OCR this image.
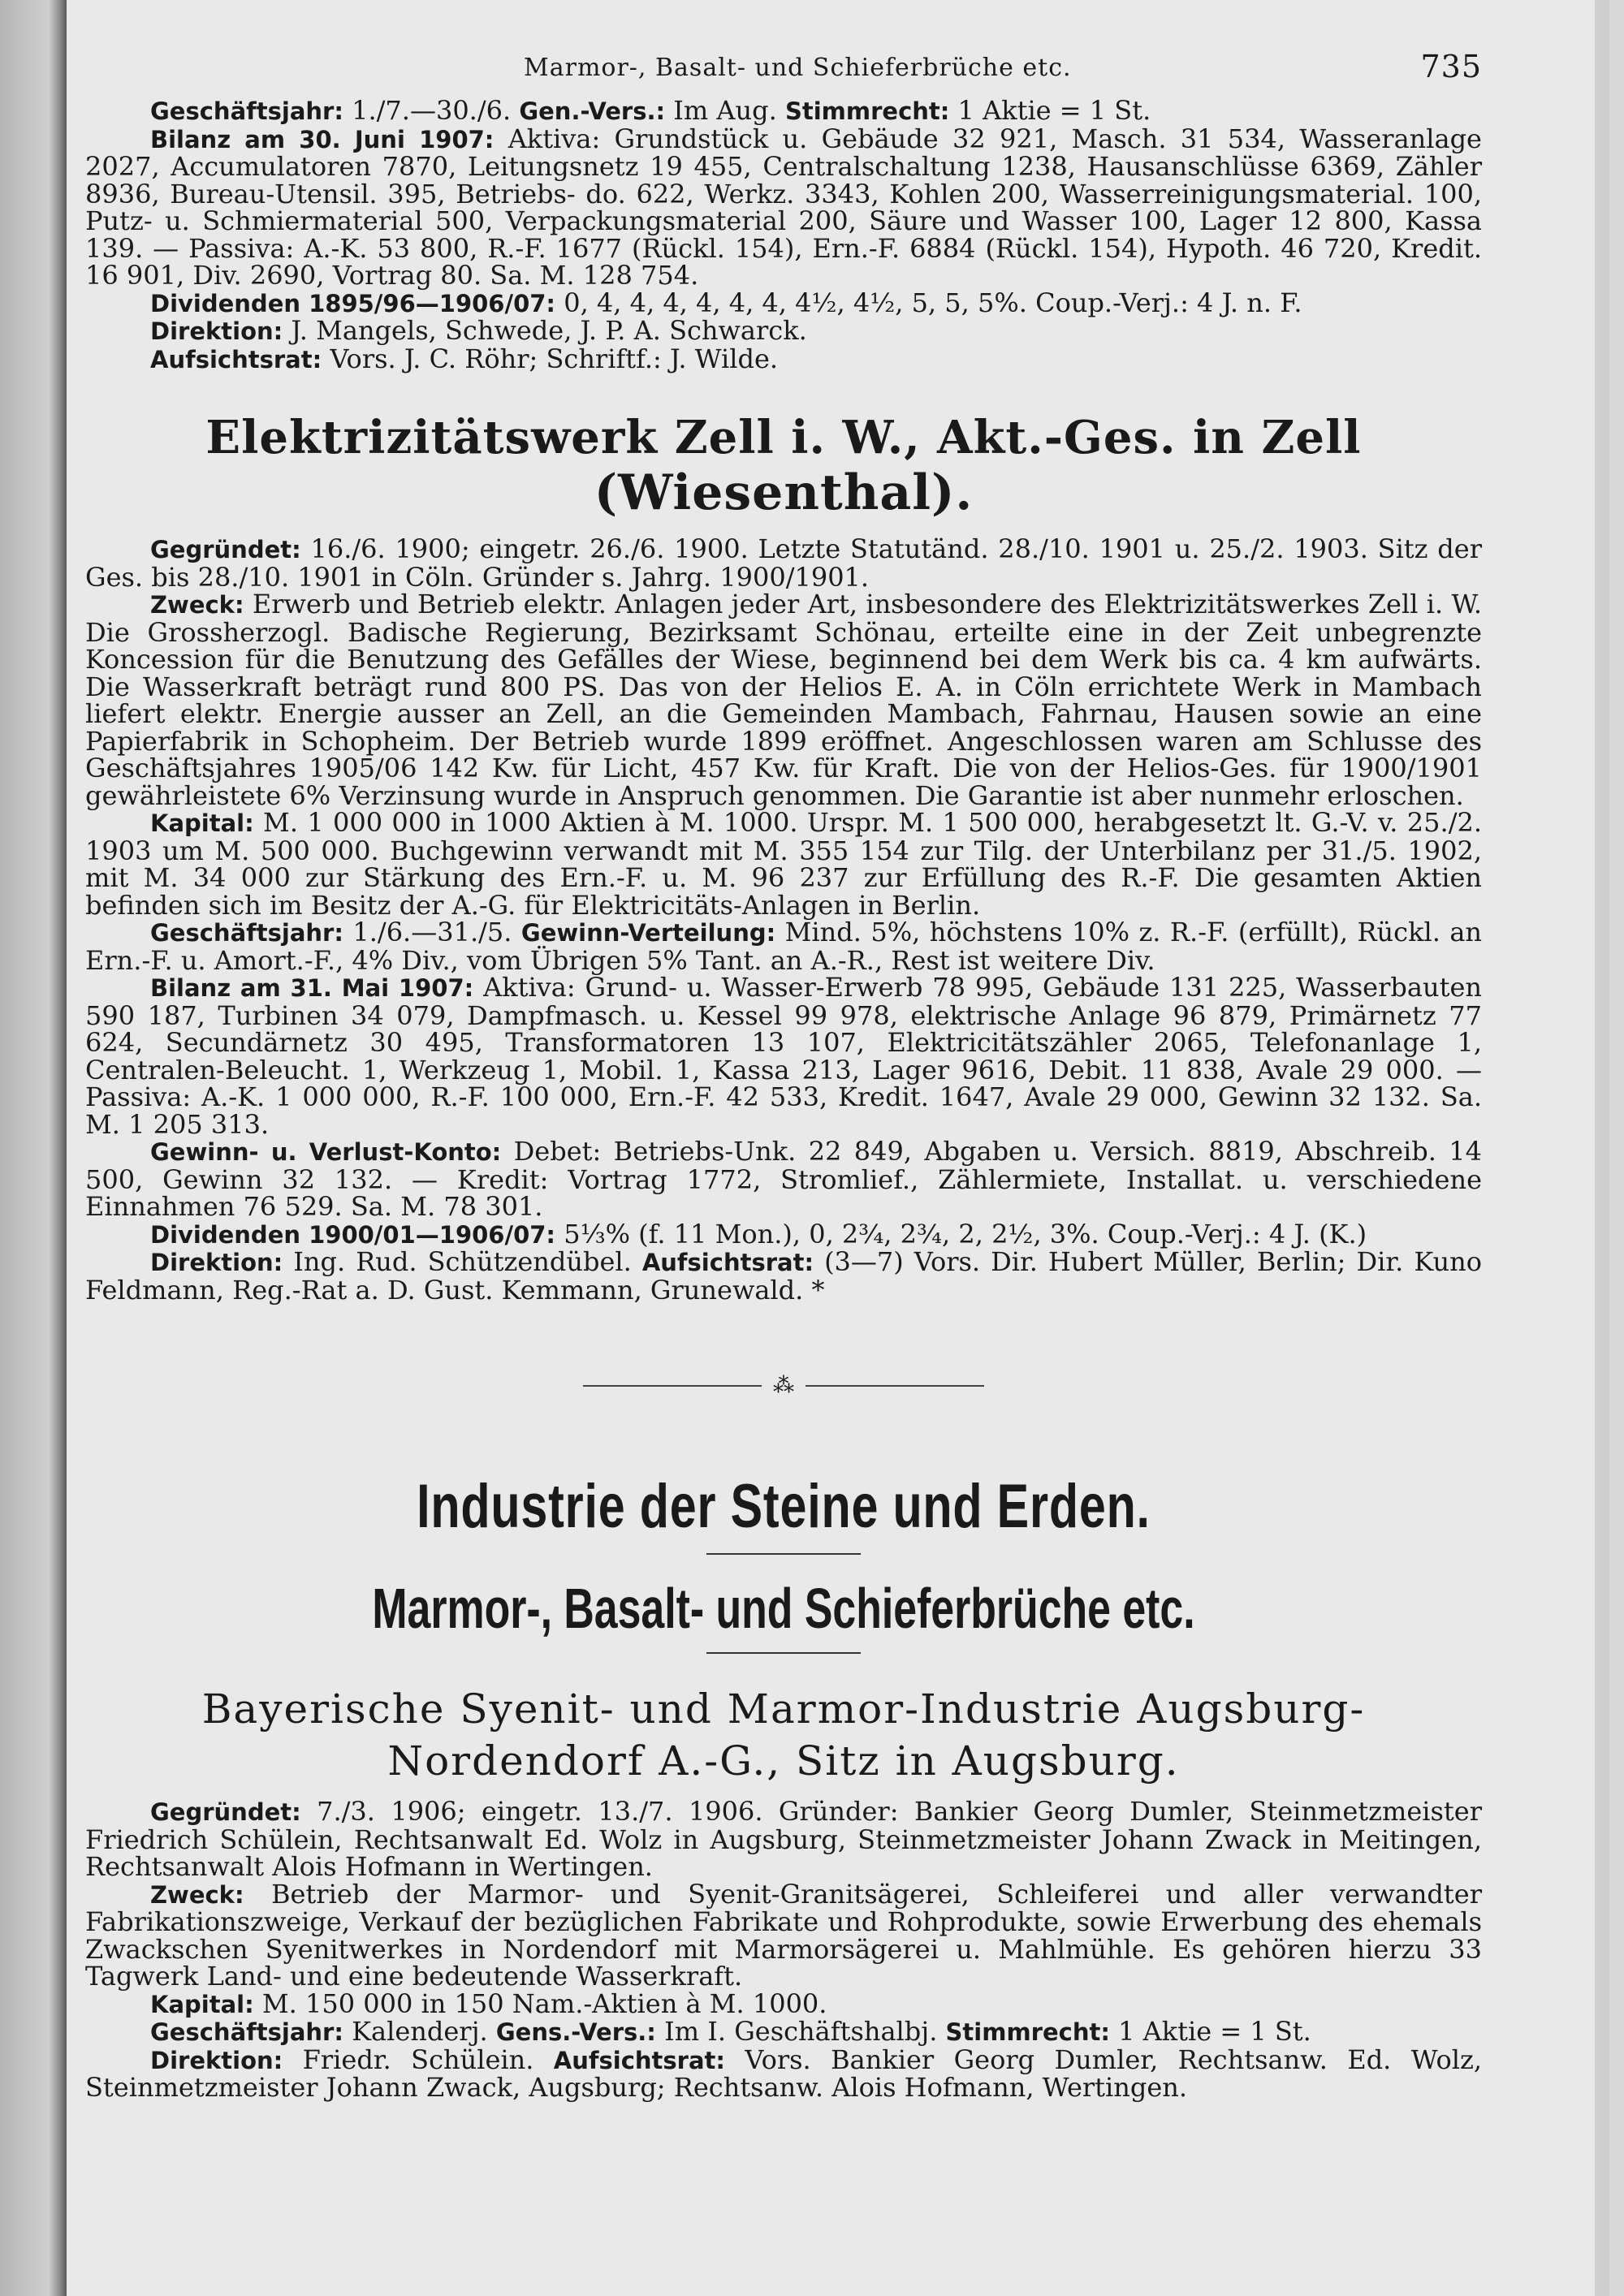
Marmor-, Basalt- und Schieferbrüche etc.	735

Geschäftsjahr: 1./7.—30./6. Gen.-Vers.: Im Aug. Stimmrecht: 1 Aktie = 1 St.

Bilanz am 30. Juni 1907: Aktiva: Grundstück u. Gebäude 32 921, Masch. 31 534, Wasseranlage 2027, Accumulatoren 7870, Leitungsnetz 19 455, Centralschaltung 1238, Hausanschlüsse 6369, Zähler 8936, Bureau-Utensil. 395, Betriebs- do. 622, Werkz. 3343, Kohlen 200, Wasserreinigungsmaterial. 100, Putz- u. Schmiermaterial 500, Verpackungsmaterial 200, Säure und Wasser 100, Lager 12 800, Kassa 139. — Passiva: A.-K. 53 800, R.-F. 1677 (Rückl. 154), Ern.-F. 6884 (Rückl. 154), Hypoth. 46 720, Kredit. 16 901, Div. 2690, Vortrag 80. Sa. M. 128 754.

Dividenden 1895/96—1906/07: 0, 4, 4, 4, 4, 4, 4, 4½, 4½, 5, 5, 5%. Coup.-Verj.: 4 J. n. F.

Direktion: J. Mangels, Schwede, J. P. A. Schwarck.

Aufsichtsrat: Vors. J. C. Röhr; Schriftf.: J. Wilde.

Elektrizitätswerk Zell i. W., Akt.-Ges. in Zell (Wiesenthal).

Gegründet: 16./6. 1900; eingetr. 26./6. 1900. Letzte Statutänd. 28./10. 1901 u. 25./2. 1903. Sitz der Ges. bis 28./10. 1901 in Cöln. Gründer s. Jahrg. 1900/1901.

Zweck: Erwerb und Betrieb elektr. Anlagen jeder Art, insbesondere des Elektrizitätswerkes Zell i. W. Die Grossherzogl. Badische Regierung, Bezirksamt Schönau, erteilte eine in der Zeit unbegrenzte Koncession für die Benutzung des Gefälles der Wiese, beginnend bei dem Werk bis ca. 4 km aufwärts. Die Wasserkraft beträgt rund 800 PS. Das von der Helios E. A. in Cöln errichtete Werk in Mambach liefert elektr. Energie ausser an Zell, an die Gemeinden Mambach, Fahrnau, Hausen sowie an eine Papierfabrik in Schopheim. Der Betrieb wurde 1899 eröffnet. Angeschlossen waren am Schlusse des Geschäftsjahres 1905/06 142 Kw. für Licht, 457 Kw. für Kraft. Die von der Helios-Ges. für 1900/1901 gewährleistete 6% Verzinsung wurde in Anspruch genommen. Die Garantie ist aber nunmehr erloschen.

Kapital: M. 1 000 000 in 1000 Aktien à M. 1000. Urspr. M. 1 500 000, herabgesetzt lt. G.-V. v. 25./2. 1903 um M. 500 000. Buchgewinn verwandt mit M. 355 154 zur Tilg. der Unterbilanz per 31./5. 1902, mit M. 34 000 zur Stärkung des Ern.-F. u. M. 96 237 zur Erfüllung des R.-F. Die gesamten Aktien befinden sich im Besitz der A.-G. für Elektricitäts-Anlagen in Berlin.

Geschäftsjahr: 1./6.—31./5. Gewinn-Verteilung: Mind. 5%, höchstens 10% z. R.-F. (erfüllt), Rückl. an Ern.-F. u. Amort.-F., 4% Div., vom Übrigen 5% Tant. an A.-R., Rest ist weitere Div.

Bilanz am 31. Mai 1907: Aktiva: Grund- u. Wasser-Erwerb 78 995, Gebäude 131 225, Wasserbauten 590 187, Turbinen 34 079, Dampfmasch. u. Kessel 99 978, elektrische Anlage 96 879, Primärnetz 77 624, Secundärnetz 30 495, Transformatoren 13 107, Elektricitätszähler 2065, Telefonanlage 1, Centralen-Beleucht. 1, Werkzeug 1, Mobil. 1, Kassa 213, Lager 9616, Debit. 11 838, Avale 29 000. — Passiva: A.-K. 1 000 000, R.-F. 100 000, Ern.-F. 42 533, Kredit. 1647, Avale 29 000, Gewinn 32 132. Sa. M. 1 205 313.

Gewinn- u. Verlust-Konto: Debet: Betriebs-Unk. 22 849, Abgaben u. Versich. 8819, Abschreib. 14 500, Gewinn 32 132. — Kredit: Vortrag 1772, Stromlief., Zählermiete, Installat. u. verschiedene Einnahmen 76 529. Sa. M. 78 301.

Dividenden 1900/01—1906/07: 5⅓% (f. 11 Mon.), 0, 2¾, 2¾, 2, 2½, 3%. Coup.-Verj.: 4 J. (K.)

Direktion: Ing. Rud. Schützendübel. Aufsichtsrat: (3—7) Vors. Dir. Hubert Müller, Berlin; Dir. Kuno Feldmann, Reg.-Rat a. D. Gust. Kemmann, Grunewald. *

⁂
Industrie der Steine und Erden.
Marmor-, Basalt- und Schieferbrüche etc.
Bayerische Syenit- und Marmor-Industrie Augsburg-
Nordendorf A.-G., Sitz in Augsburg.

Gegründet: 7./3. 1906; eingetr. 13./7. 1906. Gründer: Bankier Georg Dumler, Steinmetzmeister Friedrich Schülein, Rechtsanwalt Ed. Wolz in Augsburg, Steinmetzmeister Johann Zwack in Meitingen, Rechtsanwalt Alois Hofmann in Wertingen.

Zweck: Betrieb der Marmor- und Syenit-Granitsägerei, Schleiferei und aller verwandter Fabrikationszweige, Verkauf der bezüglichen Fabrikate und Rohprodukte, sowie Erwerbung des ehemals Zwackschen Syenitwerkes in Nordendorf mit Marmorsägerei u. Mahlmühle. Es gehören hierzu 33 Tagwerk Land- und eine bedeutende Wasserkraft.

Kapital: M. 150 000 in 150 Nam.-Aktien à M. 1000.

Geschäftsjahr: Kalenderj. Gens.-Vers.: Im I. Geschäftshalbj. Stimmrecht: 1 Aktie = 1 St.

Direktion: Friedr. Schülein. Aufsichtsrat: Vors. Bankier Georg Dumler, Rechtsanw. Ed. Wolz, Steinmetzmeister Johann Zwack, Augsburg; Rechtsanw. Alois Hofmann, Wertingen.
